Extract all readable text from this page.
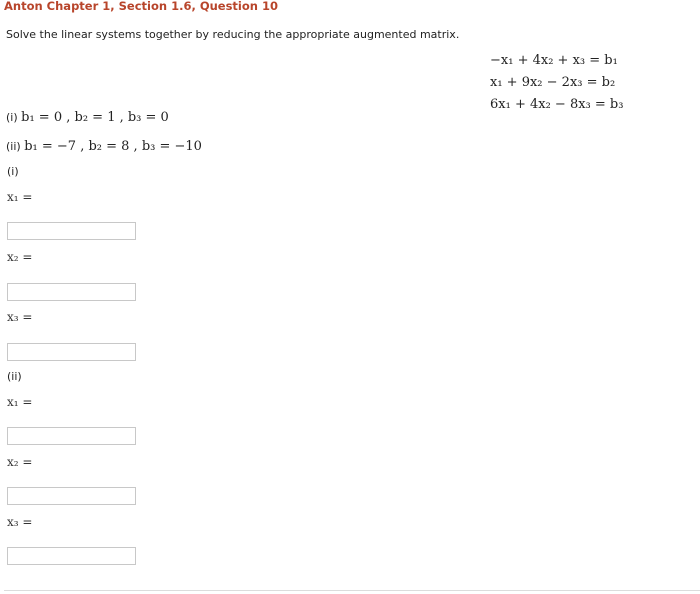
Anton Chapter 1, Section 1.6, Question 10
Solve the linear systems together by reducing the appropriate augmented matrix.
−x₁ + 4x₂ + x₃ = b₁
x₁ + 9x₂ − 2x₃ = b₂
6x₁ + 4x₂ − 8x₃ = b₃
(i) b₁ = 0 , b₂ = 1 , b₃ = 0
(ii) b₁ = −7 , b₂ = 8 , b₃ = −10
(i)
x₁ =
x₂ =
x₃ =
(ii)
x₁ =
x₂ =
x₃ =
